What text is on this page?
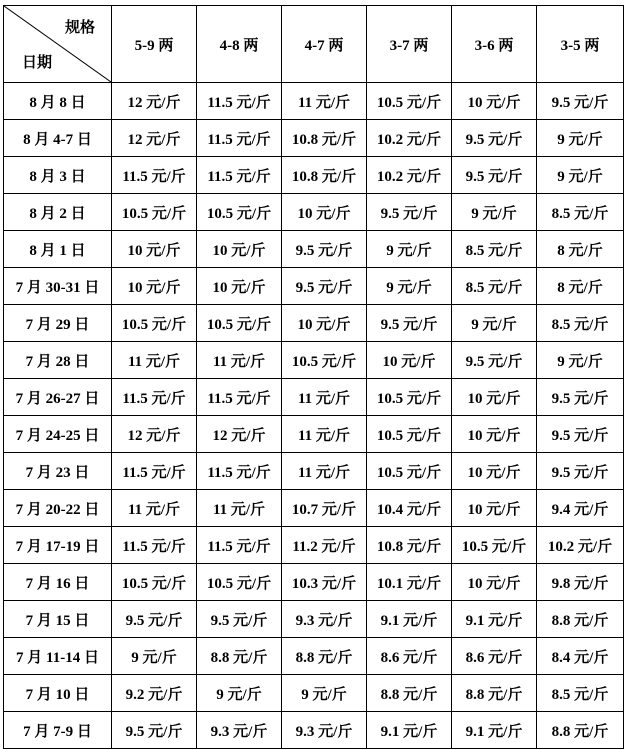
规格
日期	5-9 两	4-8 两	4-7 两	3-7 两	3-6 两	3-5 两
8 月 8 日	12 元/斤	11.5 元/斤	11 元/斤	10.5 元/斤	10 元/斤	9.5 元/斤
8 月 4-7 日	12 元/斤	11.5 元/斤	10.8 元/斤	10.2 元/斤	9.5 元/斤	9 元/斤
8 月 3 日	11.5 元/斤	11.5 元/斤	10.8 元/斤	10.2 元/斤	9.5 元/斤	9 元/斤
8 月 2 日	10.5 元/斤	10.5 元/斤	10 元/斤	9.5 元/斤	9 元/斤	8.5 元/斤
8 月 1 日	10 元/斤	10 元/斤	9.5 元/斤	9 元/斤	8.5 元/斤	8 元/斤
7 月 30-31 日	10 元/斤	10 元/斤	9.5 元/斤	9 元/斤	8.5 元/斤	8 元/斤
7 月 29 日	10.5 元/斤	10.5 元/斤	10 元/斤	9.5 元/斤	9 元/斤	8.5 元/斤
7 月 28 日	11 元/斤	11 元/斤	10.5 元/斤	10 元/斤	9.5 元/斤	9 元/斤
7 月 26-27 日	11.5 元/斤	11.5 元/斤	11 元/斤	10.5 元/斤	10 元/斤	9.5 元/斤
7 月 24-25 日	12 元/斤	12 元/斤	11 元/斤	10.5 元/斤	10 元/斤	9.5 元/斤
7 月 23 日	11.5 元/斤	11.5 元/斤	11 元/斤	10.5 元/斤	10 元/斤	9.5 元/斤
7 月 20-22 日	11 元/斤	11 元/斤	10.7 元/斤	10.4 元/斤	10 元/斤	9.4 元/斤
7 月 17-19 日	11.5 元/斤	11.5 元/斤	11.2 元/斤	10.8 元/斤	10.5 元/斤	10.2 元/斤
7 月 16 日	10.5 元/斤	10.5 元/斤	10.3 元/斤	10.1 元/斤	10 元/斤	9.8 元/斤
7 月 15 日	9.5 元/斤	9.5 元/斤	9.3 元/斤	9.1 元/斤	9.1 元/斤	8.8 元/斤
7 月 11-14 日	9 元/斤	8.8 元/斤	8.8 元/斤	8.6 元/斤	8.6 元/斤	8.4 元/斤
7 月 10 日	9.2 元/斤	9 元/斤	9 元/斤	8.8 元/斤	8.8 元/斤	8.5 元/斤
7 月 7-9 日	9.5 元/斤	9.3 元/斤	9.3 元/斤	9.1 元/斤	9.1 元/斤	8.8 元/斤
